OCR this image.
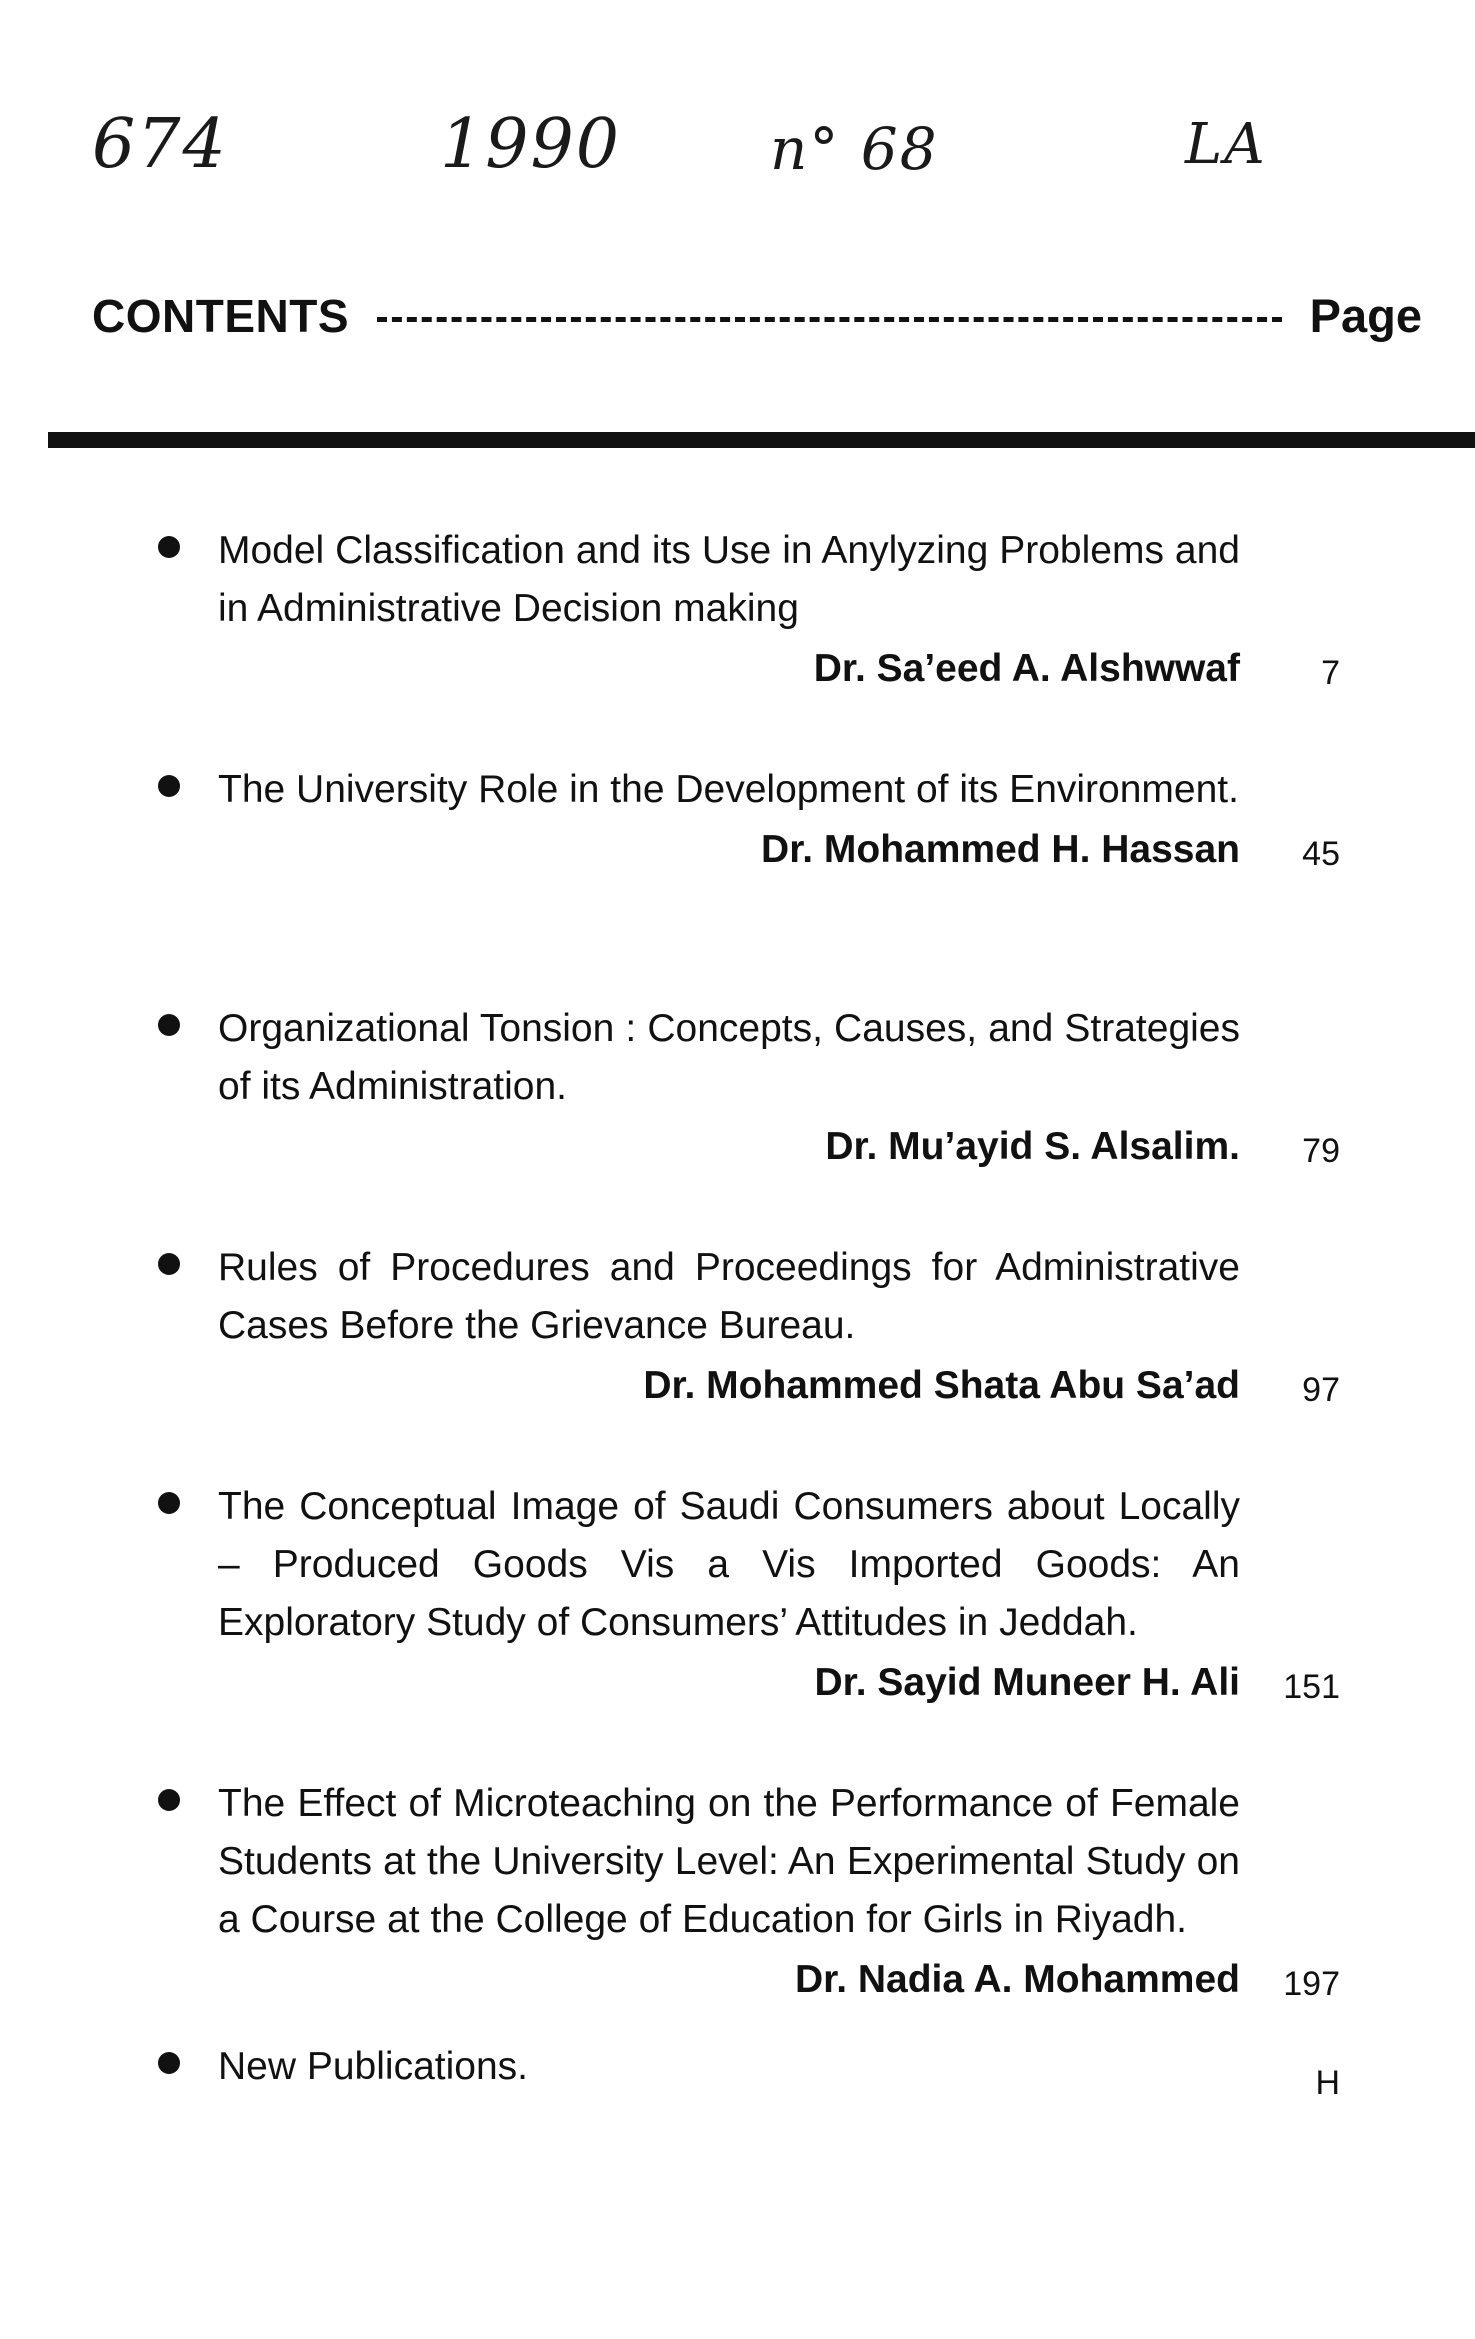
674	1990	n° 68	LA
CONTENTS	Page
Model Classification and its Use in Anylyzing Problems and in Administrative Decision making
Dr. Sa’eed A. Alshwwaf	7
The University Role in the Development of its Environment.
Dr. Mohammed H. Hassan	45
Organizational Tonsion : Concepts, Causes, and Strategies of its Administration.
Dr. Mu’ayid S. Alsalim.	79
Rules of Procedures and Proceedings for Administrative Cases Before the Grievance Bureau.
Dr. Mohammed Shata Abu Sa’ad	97
The Conceptual Image of Saudi Consumers about Locally – Produced Goods Vis a Vis Imported Goods: An Exploratory Study of Consumers’ Attitudes in Jeddah.
Dr. Sayid Muneer H. Ali	151
The Effect of Microteaching on the Performance of Female Students at the University Level: An Experimental Study on a Course at the College of Education for Girls in Riyadh.
Dr. Nadia A. Mohammed	197
New Publications.	H
